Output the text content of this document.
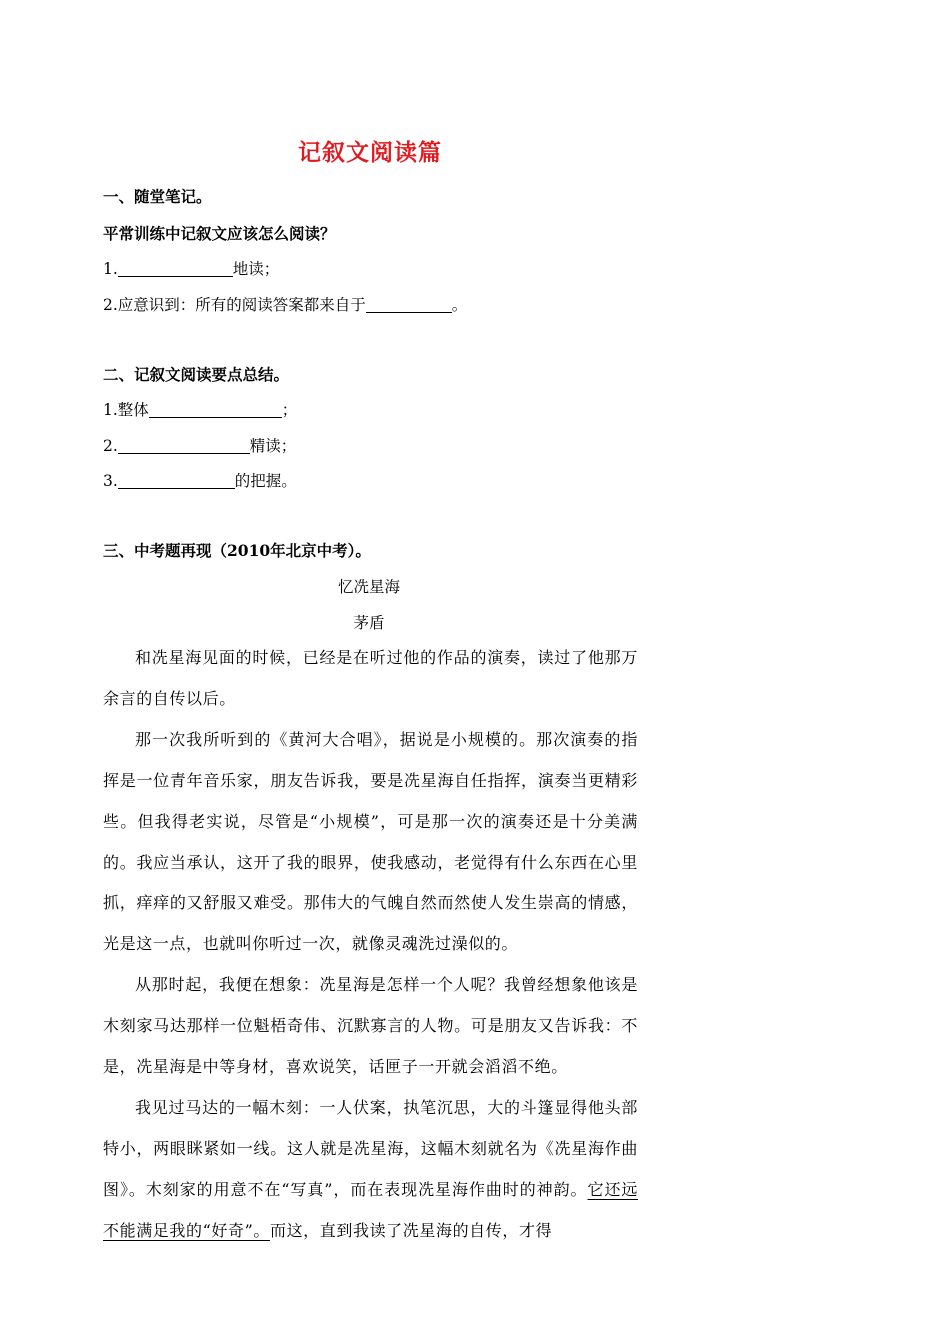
记叙文阅读篇
一、随堂笔记。
平常训练中记叙文应该怎么阅读？
1.	地读；
2.应意识到：所有的阅读答案都来自于	。
二、记叙文阅读要点总结。
1.整体	；
2.	精读；
3.	的把握。
三、中考题再现（2010年北京中考）。
忆冼星海
茅盾

和冼星海见面的时候，已经是在听过他的作品的演奏，读过了他那万余言的自传以后。

那一次我所听到的《黄河大合唱》，据说是小规模的。那次演奏的指挥是一位青年音乐家，朋友告诉我，要是冼星海自任指挥，演奏当更精彩些。但我得老实说，尽管是“小规模”，可是那一次的演奏还是十分美满的。我应当承认，这开了我的眼界，使我感动，老觉得有什么东西在心里抓，痒痒的又舒服又难受。那伟大的气魄自然而然使人发生崇高的情感，光是这一点，也就叫你听过一次，就像灵魂洗过澡似的。

从那时起，我便在想象：冼星海是怎样一个人呢？我曾经想象他该是木刻家马达那样一位魁梧奇伟、沉默寡言的人物。可是朋友又告诉我：不是，冼星海是中等身材，喜欢说笑，话匣子一开就会滔滔不绝。

我见过马达的一幅木刻：一人伏案，执笔沉思，大的斗篷显得他头部特小，两眼眯紧如一线。这人就是冼星海，这幅木刻就名为《冼星海作曲图》。木刻家的用意不在“写真”，而在表现冼星海作曲时的神韵。它还远不能满足我的“好奇”。而这，直到我读了冼星海的自传，才得
